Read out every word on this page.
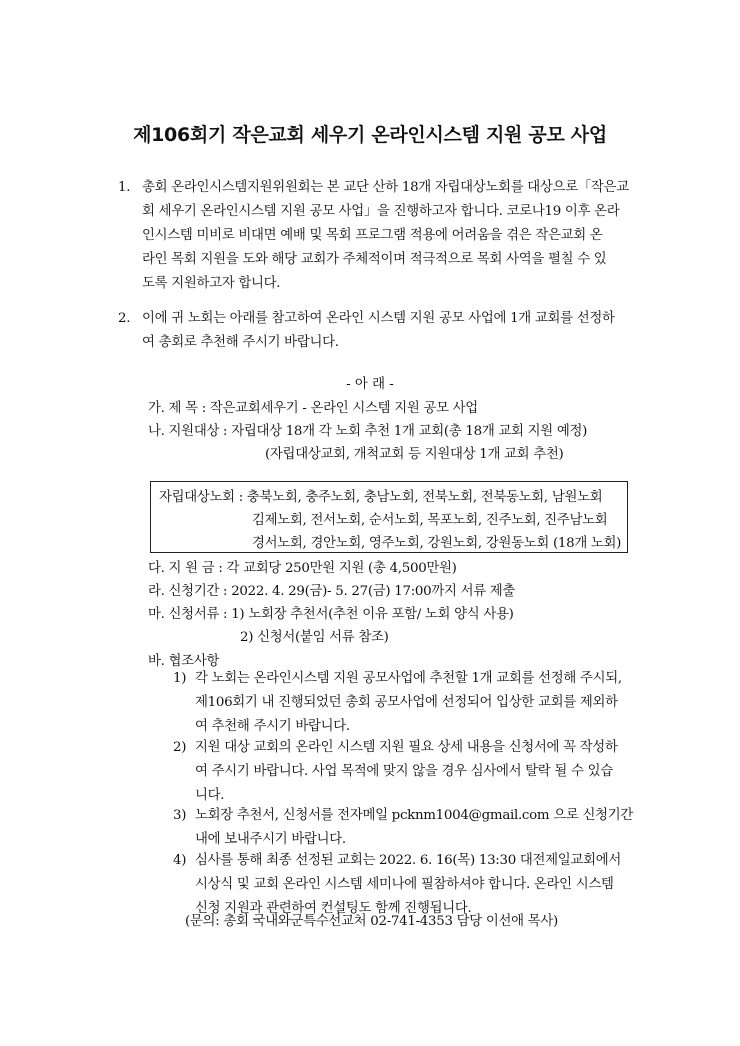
제106회기 작은교회 세우기 온라인시스템 지원 공모 사업
1. 총회 온라인시스템지원위원회는 본 교단 산하 18개 자립대상노회를 대상으로「작은교
회 세우기 온라인시스템 지원 공모 사업」을 진행하고자 합니다. 코로나19 이후 온라
인시스템 미비로 비대면 예배 및 목회 프로그램 적용에 어려움을 겪은 작은교회 온
라인 목회 지원을 도와 해당 교회가 주체적이며 적극적으로 목회 사역을 펼칠 수 있
도록 지원하고자 합니다.
2. 이에 귀 노회는 아래를 참고하여 온라인 시스템 지원 공모 사업에 1개 교회를 선정하
여 총회로 추천해 주시기 바랍니다.
- 아 래 -
가. 제 목 : 작은교회세우기 - 온라인 시스템 지원 공모 사업
나. 지원대상 : 자립대상 18개 각 노회 추천 1개 교회(총 18개 교회 지원 예정)
(자립대상교회, 개척교회 등 지원대상 1개 교회 추천)
자립대상노회 : 충북노회, 충주노회, 충남노회, 전북노회, 전북동노회, 남원노회
김제노회, 전서노회, 순서노회, 목포노회, 진주노회, 진주남노회
경서노회, 경안노회, 영주노회, 강원노회, 강원동노회 (18개 노회)
다. 지 원 금 : 각 교회당 250만원 지원 (총 4,500만원)
라. 신청기간 : 2022. 4. 29(금)- 5. 27(금) 17:00까지 서류 제출
마. 신청서류 : 1) 노회장 추천서(추천 이유 포함/ 노회 양식 사용)
2) 신청서(붙임 서류 참조)
바. 협조사항
1) 각 노회는 온라인시스템 지원 공모사업에 추천할 1개 교회를 선정해 주시되,
제106회기 내 진행되었던 총회 공모사업에 선정되어 입상한 교회를 제외하
여 추천해 주시기 바랍니다.
2) 지원 대상 교회의 온라인 시스템 지원 필요 상세 내용을 신청서에 꼭 작성하
여 주시기 바랍니다. 사업 목적에 맞지 않을 경우 심사에서 탈락 될 수 있습
니다.
3) 노회장 추천서, 신청서를 전자메일 pcknm1004@gmail.com 으로 신청기간
내에 보내주시기 바랍니다.
4) 심사를 통해 최종 선정된 교회는 2022. 6. 16(목) 13:30 대전제일교회에서
시상식 및 교회 온라인 시스템 세미나에 필참하셔야 합니다. 온라인 시스템
신청 지원과 관련하여 컨설팅도 함께 진행됩니다.
(문의: 총회 국내와군특수선교처 02-741-4353 담당 이선애 목사)
